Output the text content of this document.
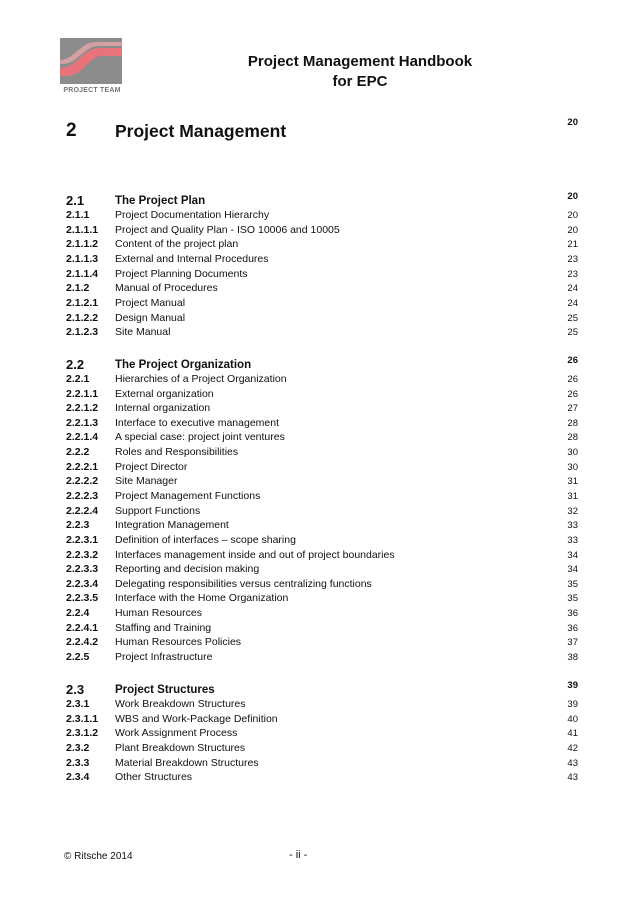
PROJECT TEAM
Project Management Handbook
for EPC
2 Project Management	20
2.1	The Project Plan	20
2.1.1 Project Documentation Hierarchy	20
2.1.1.1 Project and Quality Plan - ISO 10006 and 10005	20
2.1.1.2 Content of the project plan	21
2.1.1.3 External and Internal Procedures	23
2.1.1.4 Project Planning Documents	23
2.1.2 Manual of Procedures	24
2.1.2.1 Project Manual	24
2.1.2.2 Design Manual	25
2.1.2.3 Site Manual	25
2.2	The Project Organization	26
2.2.1 Hierarchies of a Project Organization	26
2.2.1.1 External organization	26
2.2.1.2 Internal organization	27
2.2.1.3 Interface to executive management	28
2.2.1.4 A special case: project joint ventures	28
2.2.2 Roles and Responsibilities	30
2.2.2.1 Project Director	30
2.2.2.2 Site Manager	31
2.2.2.3 Project Management Functions	31
2.2.2.4 Support Functions	32
2.2.3 Integration Management	33
2.2.3.1 Definition of interfaces – scope sharing	33
2.2.3.2 Interfaces management inside and out of project boundaries	34
2.2.3.3 Reporting and decision making	34
2.2.3.4 Delegating responsibilities versus centralizing functions	35
2.2.3.5 Interface with the Home Organization	35
2.2.4 Human Resources	36
2.2.4.1 Staffing and Training	36
2.2.4.2 Human Resources Policies	37
2.2.5 Project Infrastructure	38
2.3	Project Structures	39
2.3.1 Work Breakdown Structures	39
2.3.1.1 WBS and Work-Package Definition	40
2.3.1.2 Work Assignment Process	41
2.3.2 Plant Breakdown Structures	42
2.3.3 Material Breakdown Structures	43
2.3.4 Other Structures	43
© Ritsche 2014	- ii -
